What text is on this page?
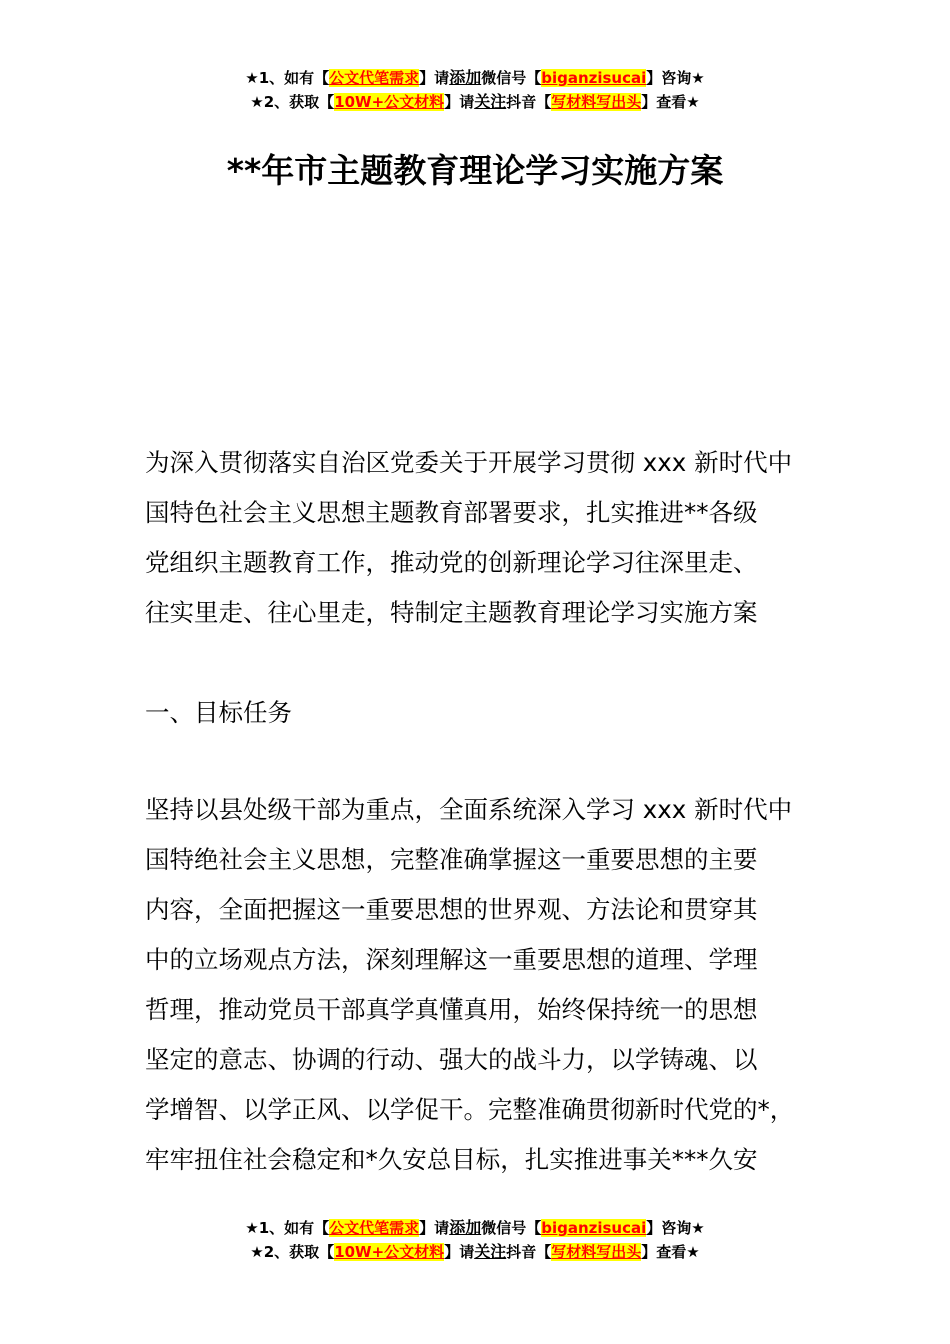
★1、如有【公文代笔需求】请添加微信号【biganzisucai】咨询★
★2、获取【10W+公文材料】请关注抖音【写材料写出头】查看★
**年市主题教育理论学习实施方案

为深入贯彻落实自治区党委关于开展学习贯彻 xxx 新时代中
国特色社会主义思想主题教育部署要求，扎实推进**各级
党组织主题教育工作，推动党的创新理论学习往深里走、
往实里走、往心里走，特制定主题教育理论学习实施方案

一、目标任务

坚持以县处级干部为重点，全面系统深入学习 xxx 新时代中
国特绝社会主义思想，完整准确掌握这一重要思想的主要
内容，全面把握这一重要思想的世界观、方法论和贯穿其
中的立场观点方法，深刻理解这一重要思想的道理、学理
哲理，推动党员干部真学真懂真用，始终保持统一的思想
坚定的意志、协调的行动、强大的战斗力，以学铸魂、以
学增智、以学正风、以学促干。完整准确贯彻新时代党的*，
牢牢扭住社会稳定和*久安总目标，扎实推进事关***久安

★1、如有【公文代笔需求】请添加微信号【biganzisucai】咨询★
★2、获取【10W+公文材料】请关注抖音【写材料写出头】查看★
